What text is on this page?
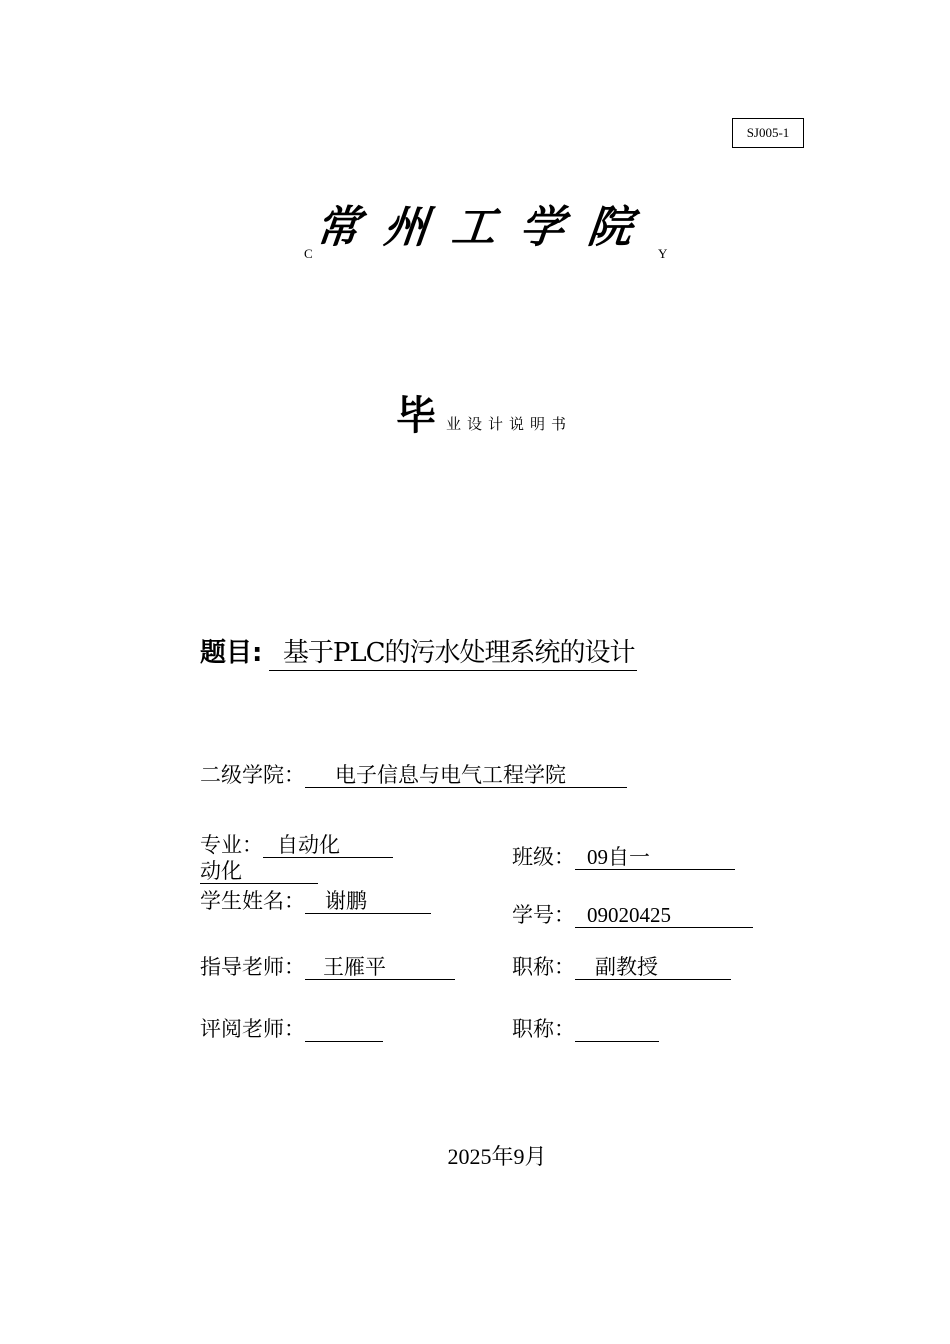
SJ005-1
C
常州工学院
Y
毕业设计说明书
题目: 基于PLC的污水处理系统的设计
二级学院： 电子信息与电气工程学院
专业： 自动化
动化
班级： 09自一
学生姓名： 谢鹏
学号： 09020425
指导老师： 王雁平	职称： 副教授
评阅老师：	职称：
2025年9月
